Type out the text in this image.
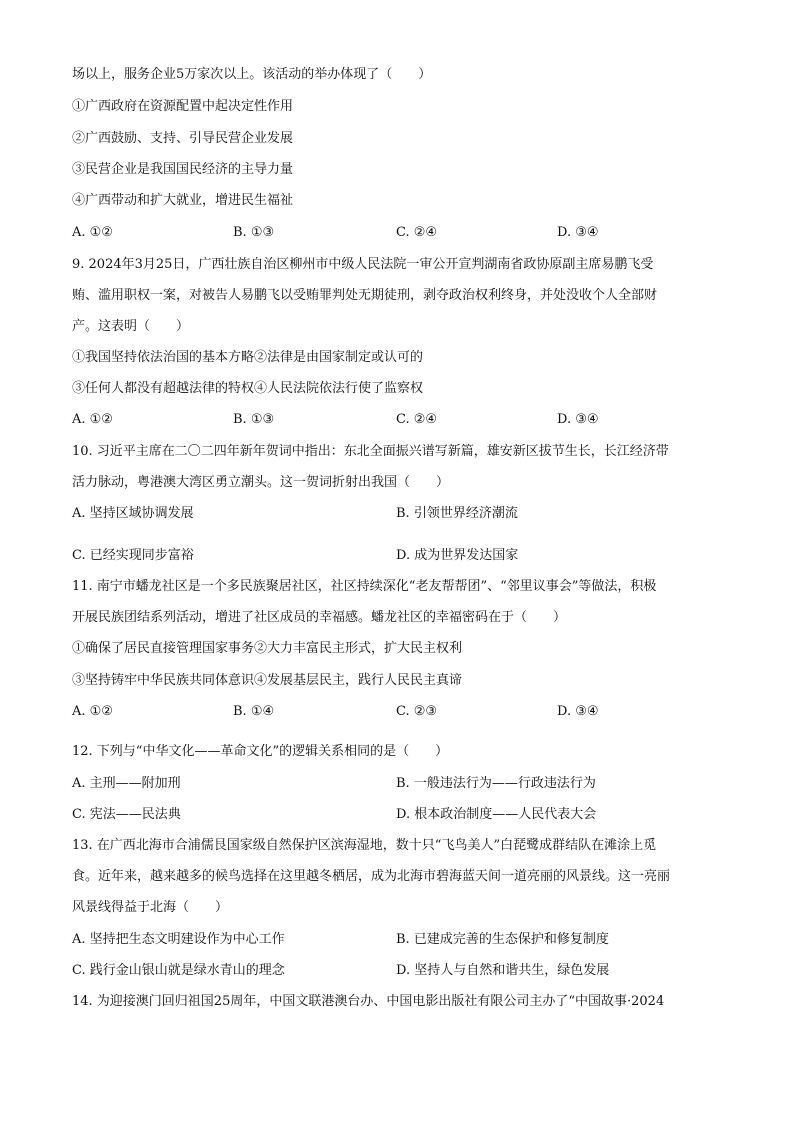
场以上，服务企业5万家次以上。该活动的举办体现了（　　）
①广西政府在资源配置中起决定性作用
②广西鼓励、支持、引导民营企业发展
③民营企业是我国国民经济的主导力量
④广西带动和扩大就业，增进民生福祉
A. ①②	B. ①③	C. ②④	D. ③④
9. 2024年3月25日，广西壮族自治区柳州市中级人民法院一审公开宣判湖南省政协原副主席易鹏飞受
贿、滥用职权一案，对被告人易鹏飞以受贿罪判处无期徒刑，剥夺政治权利终身，并处没收个人全部财
产。这表明（　　）
①我国坚持依法治国的基本方略②法律是由国家制定或认可的
③任何人都没有超越法律的特权④人民法院依法行使了监察权
A. ①②	B. ①③	C. ②④	D. ③④
10. 习近平主席在二〇二四年新年贺词中指出：东北全面振兴谱写新篇，雄安新区拔节生长，长江经济带
活力脉动，粤港澳大湾区勇立潮头。这一贺词折射出我国（　　）
A. 坚持区域协调发展	B. 引领世界经济潮流
C. 已经实现同步富裕	D. 成为世界发达国家
11. 南宁市蟠龙社区是一个多民族聚居社区，社区持续深化“老友帮帮团”、“邻里议事会”等做法，积极
开展民族团结系列活动，增进了社区成员的幸福感。蟠龙社区的幸福密码在于（　　）
①确保了居民直接管理国家事务②大力丰富民主形式，扩大民主权利
③坚持铸牢中华民族共同体意识④发展基层民主，践行人民民主真谛
A. ①②	B. ①④	C. ②③	D. ③④
12. 下列与“中华文化——革命文化”的逻辑关系相同的是（　　）
A. 主刑——附加刑	B. 一般违法行为——行政违法行为
C. 宪法——民法典	D. 根本政治制度——人民代表大会
13. 在广西北海市合浦儒艮国家级自然保护区滨海湿地，数十只“飞鸟美人”白琵鹭成群结队在滩涂上觅
食。近年来，越来越多的候鸟选择在这里越冬栖居，成为北海市碧海蓝天间一道亮丽的风景线。这一亮丽
风景线得益于北海（　　）
A. 坚持把生态文明建设作为中心工作	B. 已建成完善的生态保护和修复制度
C. 践行金山银山就是绿水青山的理念	D. 坚持人与自然和谐共生，绿色发展
14. 为迎接澳门回归祖国25周年，中国文联港澳台办、中国电影出版社有限公司主办了“中国故事·2024
